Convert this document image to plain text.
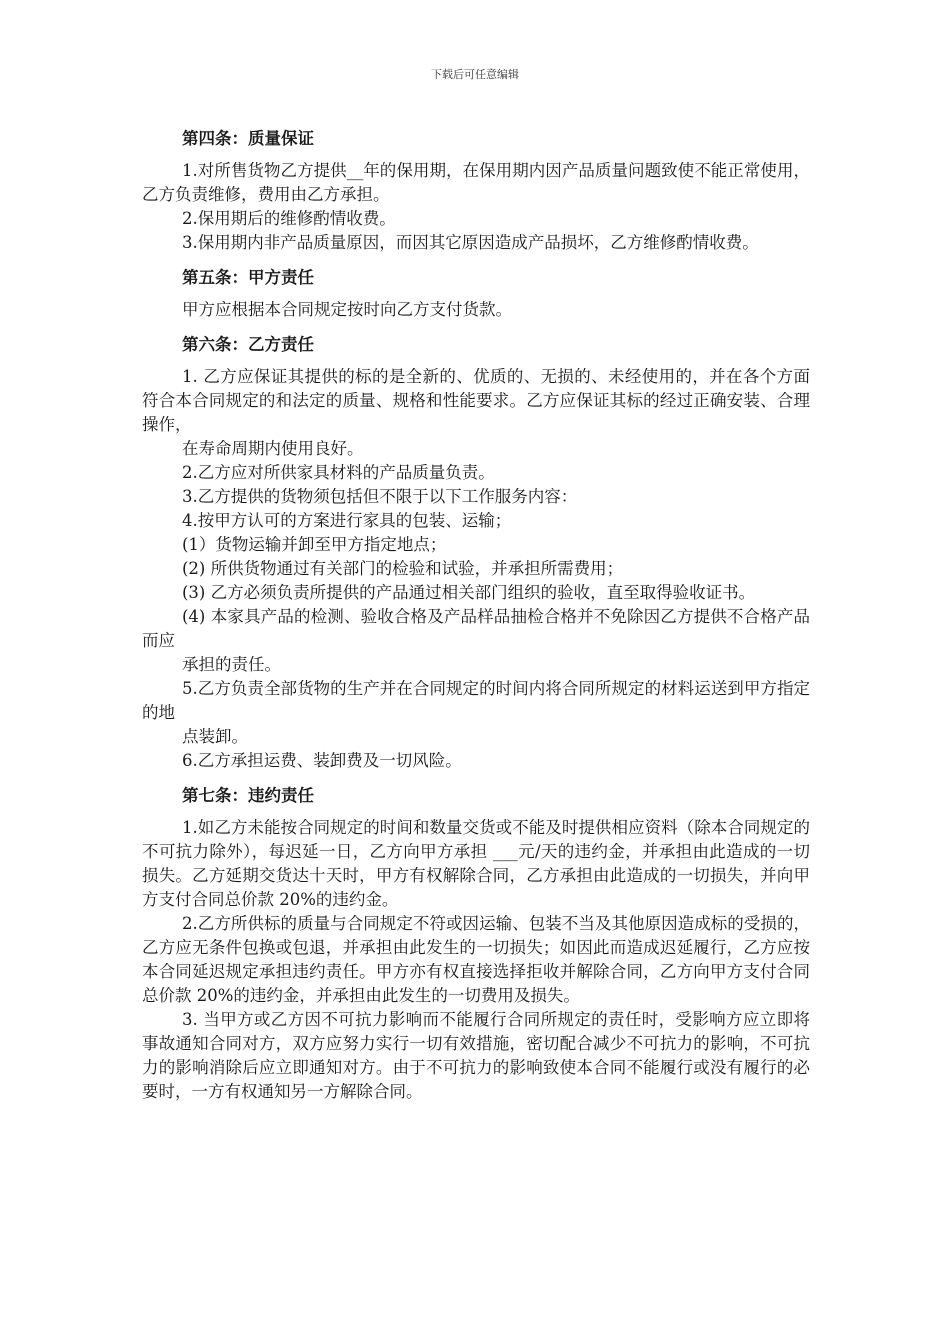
下载后可任意编辑
第四条：质量保证

1.对所售货物乙方提供__年的保用期，在保用期内因产品质量问题致使不能正常使用，乙方负责维修，费用由乙方承担。

2.保用期后的维修酌情收费。

3.保用期内非产品质量原因，而因其它原因造成产品损坏，乙方维修酌情收费。

第五条：甲方责任

甲方应根据本合同规定按时向乙方支付货款。

第六条：乙方责任

1. 乙方应保证其提供的标的是全新的、优质的、无损的、未经使用的，并在各个方面符合本合同规定的和法定的质量、规格和性能要求。乙方应保证其标的经过正确安装、合理操作，

在寿命周期内使用良好。

2.乙方应对所供家具材料的产品质量负责。

3.乙方提供的货物须包括但不限于以下工作服务内容：

4.按甲方认可的方案进行家具的包装、运输；

(1）货物运输并卸至甲方指定地点；

(2) 所供货物通过有关部门的检验和试验，并承担所需费用；

(3) 乙方必须负责所提供的产品通过相关部门组织的验收，直至取得验收证书。

(4) 本家具产品的检测、验收合格及产品样品抽检合格并不免除因乙方提供不合格产品而应

承担的责任。

5.乙方负责全部货物的生产并在合同规定的时间内将合同所规定的材料运送到甲方指定的地

点装卸。

6.乙方承担运费、装卸费及一切风险。

第七条：违约责任

1.如乙方未能按合同规定的时间和数量交货或不能及时提供相应资料（除本合同规定的不可抗力除外），每迟延一日，乙方向甲方承担 ___元/天的违约金，并承担由此造成的一切损失。乙方延期交货达十天时，甲方有权解除合同，乙方承担由此造成的一切损失，并向甲方支付合同总价款 20%的违约金。

2.乙方所供标的质量与合同规定不符或因运输、包装不当及其他原因造成标的受损的，乙方应无条件包换或包退，并承担由此发生的一切损失；如因此而造成迟延履行，乙方应按本合同延迟规定承担违约责任。甲方亦有权直接选择拒收并解除合同，乙方向甲方支付合同总价款 20%的违约金，并承担由此发生的一切费用及损失。

3. 当甲方或乙方因不可抗力影响而不能履行合同所规定的责任时，受影响方应立即将事故通知合同对方，双方应努力实行一切有效措施，密切配合减少不可抗力的影响，不可抗力的影响消除后应立即通知对方。由于不可抗力的影响致使本合同不能履行或没有履行的必要时，一方有权通知另一方解除合同。
